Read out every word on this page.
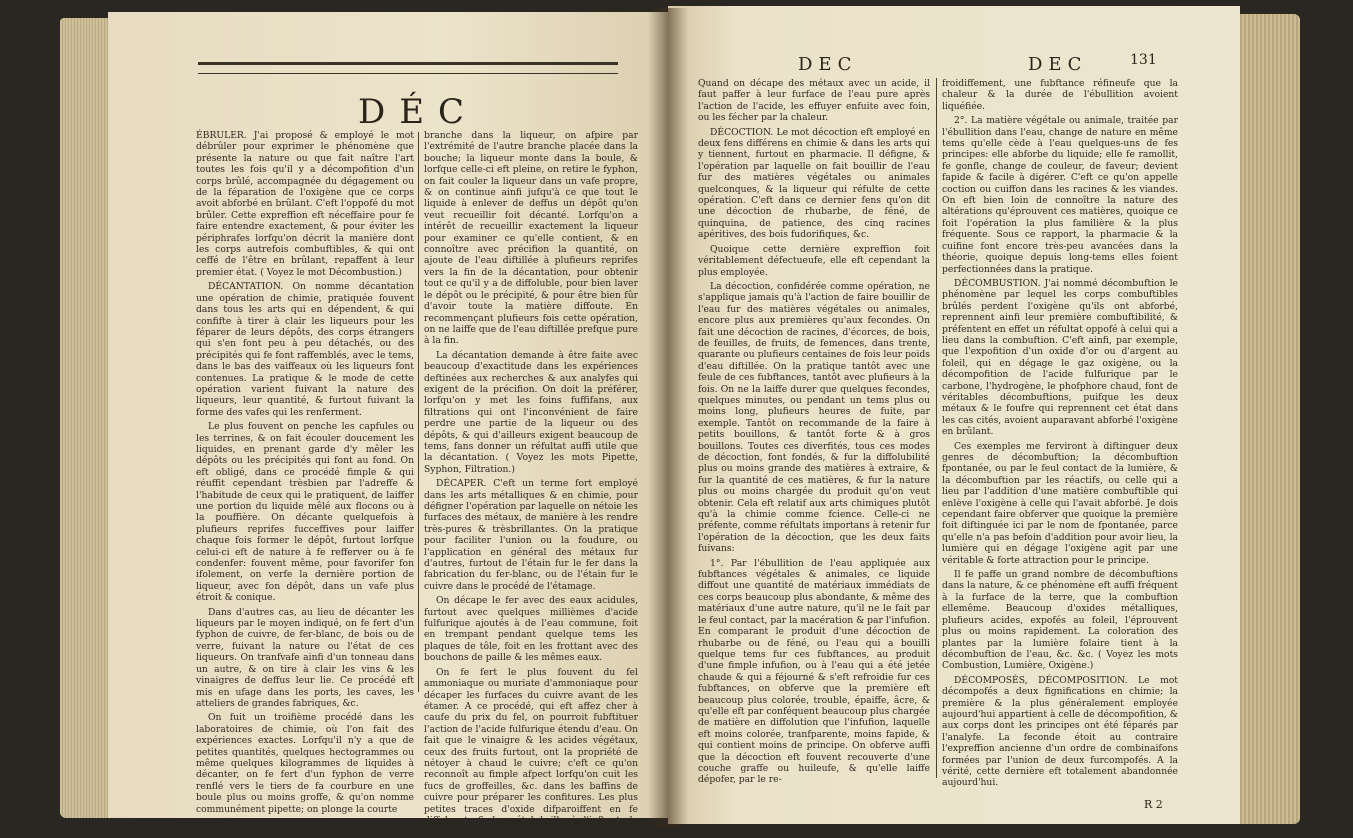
DÉC

ÉBRULER. J'ai proposé & employé le mot débrûler pour exprimer le phénomène que présente la nature ou que fait naître l'art toutes les fois qu'il y a décompofition d'un corps brûlé, accompagnée du dégagement ou de la féparation de l'oxigène que ce corps avoit abforbé en brûlant. C'eft l'oppofé du mot brûler. Cette expreffion eft néceffaire pour fe faire entendre exactement, & pour éviter les périphrafes lorfqu'on décrit la manière dont les corps autrefois combuftibles, & qui ont ceffé de l'être en brûlant, repaffent à leur premier état. ( Voyez le mot Décombustion.)

DÉCANTATION. On nomme décantation une opération de chimie, pratiquée fouvent dans tous les arts qui en dépendent, & qui confifte à tirer à clair les liqueurs pour les féparer de leurs dépôts, des corps étrangers qui s'en font peu à peu détachés, ou des précipités qui fe font raffemblés, avec le tems, dans le bas des vaiffeaux où les liqueurs font contenues. La pratique & le mode de cette opération varient fuivant la nature des liqueurs, leur quantité, & furtout fuivant la forme des vafes qui les renferment.

Le plus fouvent on penche les capfules ou les terrines, & on fait écouler doucement les liquides, en prenant garde d'y mêler les dépôts ou les précipités qui font au fond. On eft obligé, dans ce procédé fimple & qui réuffit cependant trèsbien par l'adreffe & l'habitude de ceux qui le pratiquent, de laiffer une portion du liquide mêlé aux flocons ou à la pouffière. On décante quelquefois à plufieurs reprifes fucceffives pour laiffer chaque fois former le dépôt, furtout lorfque celui-ci eft de nature à fe refferver ou à fe condenfer: fouvent même, pour favorifer fon ifolement, on verfe la dernière portion de liqueur, avec fon dépôt, dans un vafe plus étroit & conique.

Dans d'autres cas, au lieu de décanter les liqueurs par le moyen indiqué, on fe fert d'un fyphon de cuivre, de fer-blanc, de bois ou de verre, fuivant la nature ou l'état de ces liqueurs. On tranfvafe ainfi d'un tonneau dans un autre, & on tire à clair les vins & les vinaigres de deffus leur lie. Ce procédé eft mis en ufage dans les ports, les caves, les atteliers de grandes fabriques, &c.

On fuit un troifième procédé dans les laboratoires de chimie, où l'on fait des expériences exactes. Lorfqu'il n'y a que de petites quantités, quelques hectogrammes ou même quelques kilogrammes de liquides à décanter, on fe fert d'un fyphon de verre renflé vers le tiers de fa courbure en une boule plus ou moins groffe, & qu'on nomme communément pipette; on plonge la courte

branche dans la liqueur, on afpire par l'extrémité de l'autre branche placée dans la bouche; la liqueur monte dans la boule, & lorfque celle-ci eft pleine, on retire le fyphon, on fait couler la liqueur dans un vafe propre, & on continue ainfi jufqu'à ce que tout le liquide à enlever de deffus un dépôt qu'on veut recueillir foit décanté. Lorfqu'on a intérêt de recueillir exactement la liqueur pour examiner ce qu'elle contient, & en connoître avec précifion la quantité, on ajoute de l'eau diftillée à plufieurs reprifes vers la fin de la décantation, pour obtenir tout ce qu'il y a de diffoluble, pour bien laver le dépôt ou le précipité, & pour être bien fûr d'avoir toute la matière diffoute. En recommençant plufieurs fois cette opération, on ne laiffe que de l'eau diftillée prefque pure à la fin.

La décantation demande à être faite avec beaucoup d'exactitude dans les expériences deftinées aux recherches & aux analyfes qui exigent de la précifion. On doit la préférer, lorfqu'on y met les foins fuffifans, aux filtrations qui ont l'inconvénient de faire perdre une partie de la liqueur ou des dépôts, & qui d'ailleurs exigent beaucoup de tems, fans donner un réfultat auffi utile que la décantation. ( Voyez les mots Pipette, Syphon, Filtration.)

DÉCAPER. C'eft un terme fort employé dans les arts métalliques & en chimie, pour défigner l'opération par laquelle on nétoie les furfaces des métaux, de manière à les rendre très-pures & trèsbrillantes. On la pratique pour faciliter l'union ou la foudure, ou l'application en général des métaux fur d'autres, furtout de l'étain fur le fer dans la fabrication du fer-blanc, ou de l'étain fur le cuivre dans le procédé de l'étamage.

On décape le fer avec des eaux acidules, furtout avec quelques millièmes d'acide fulfurique ajoutés à de l'eau commune, foit en trempant pendant quelque tems les plaques de tôle, foit en les frottant avec des bouchons de paille & les mêmes eaux.

On fe fert le plus fouvent du fel ammoniaque ou muriate d'ammoniaque pour décaper les furfaces du cuivre avant de les étamer. A ce procédé, qui eft affez cher à caufe du prix du fel, on pourroit fubftituer l'action de l'acide fulfurique étendu d'eau. On fait que le vinaigre & les acides végétaux, ceux des fruits furtout, ont la propriété de nétoyer à chaud le cuivre; c'eft ce qu'on reconnoît au fimple afpect lorfqu'on cuit les fucs de groffeilles, &c. dans les baffins de cuivre pour préparer les confitures. Les plus petites traces d'oxide difparoiffent en fe diffolvant, & le métal brille à l'inftant de l'éclat le plus vif.

DEC	DEC	131

Quand on décape des métaux avec un acide, il faut paffer à leur furface de l'eau pure après l'action de l'acide, les effuyer enfuite avec foin, ou les fécher par la chaleur.

DÉCOCTION. Le mot décoction eft employé en deux fens différens en chimie & dans les arts qui y tiennent, furtout en pharmacie. Il défigne, & l'opération par laquelle on fait bouillir de l'eau fur des matières végétales ou animales quelconques, & la liqueur qui réfulte de cette opération. C'eft dans ce dernier fens qu'on dit une décoction de rhubarbe, de féné, de quinquina, de patience, des cinq racines apéritives, des bois fudorifiques, &c.

Quoique cette dernière expreffion foit véritablement défectueufe, elle eft cependant la plus employée.

La décoction, confidérée comme opération, ne s'applique jamais qu'à l'action de faire bouillir de l'eau fur des matières végétales ou animales, encore plus aux premières qu'aux fecondes. On fait une décoction de racines, d'écorces, de bois, de feuilles, de fruits, de femences, dans trente, quarante ou plufieurs centaines de fois leur poids d'eau diftillée. On la pratique tantôt avec une feule de ces fubftances, tantôt avec plufieurs à la fois. On ne la laiffe durer que quelques fecondes, quelques minutes, ou pendant un tems plus ou moins long, plufieurs heures de fuite, par exemple. Tantôt on recommande de la faire à petits bouillons, & tantôt forte & à gros bouillons. Toutes ces diverfités, tous ces modes de décoction, font fondés, & fur la diffolubilité plus ou moins grande des matières à extraire, & fur la quantité de ces matières, & fur la nature plus ou moins chargée du produit qu'on veut obtenir. Cela eft relatif aux arts chimiques plutôt qu'à la chimie comme fcience. Celle-ci ne préfente, comme réfultats importans à retenir fur l'opération de la décoction, que les deux faits fuivans:

1°. Par l'ébullition de l'eau appliquée aux fubftances végétales & animales, ce liquide diffout une quantité de matériaux immédiats de ces corps beaucoup plus abondante, & même des matériaux d'une autre nature, qu'il ne le fait par le feul contact, par la macération & par l'infufion. En comparant le produit d'une décoction de rhubarbe ou de féné, ou l'eau qui a bouilli quelque tems fur ces fubftances, au produit d'une fimple infufion, ou à l'eau qui a été jetée chaude & qui a féjourné & s'eft refroidie fur ces fubftances, on obferve que la première eft beaucoup plus colorée, trouble, épaiffe, âcre, & qu'elle eft par conféquent beaucoup plus chargée de matière en diffolution que l'infufion, laquelle eft moins colorée, tranfparente, moins fapide, & qui contient moins de principe. On obferve auffi que la décoction eft fouvent recouverte d'une couche graffe ou huileufe, & qu'elle laiffe dépofer, par le re-

froidiffement, une fubftance réfineufe que la chaleur & la durée de l'ébullition avoient liquéfiée.

2°. La matière végétale ou animale, traitée par l'ébullition dans l'eau, change de nature en même tems qu'elle cède à l'eau quelques-uns de fes principes: elle abforbe du liquide; elle fe ramollit, fe gonfle, change de couleur, de faveur; devient fapide & facile à digérer. C'eft ce qu'on appelle coction ou cuiffon dans les racines & les viandes. On eft bien loin de connoître la nature des altérations qu'éprouvent ces matières, quoique ce foit l'opération la plus familière & la plus fréquente. Sous ce rapport, la pharmacie & la cuifine font encore très-peu avancées dans la théorie, quoique depuis long-tems elles foient perfectionnées dans la pratique.

DÉCOMBUSTION. J'ai nommé décombuftion le phénomène par lequel les corps combuftibles brûlés perdent l'oxigène qu'ils ont abforbé, reprennent ainfi leur première combuftibilité, & préfentent en effet un réfultat oppofé à celui qui a lieu dans la combuftion. C'eft ainfi, par exemple, que l'expofition d'un oxide d'or ou d'argent au foleil, qui en dégage le gaz oxigène, ou la décompofition de l'acide fulfurique par le carbone, l'hydrogène, le phofphore chaud, font de véritables décombuftions, puifque les deux métaux & le foufre qui reprennent cet état dans les cas cités, avoient auparavant abforbé l'oxigène en brûlant.

Ces exemples me ferviront à diftinguer deux genres de décombuftion; la décombuftion fpontanée, ou par le feul contact de la lumière, & la décombuftion par les réactifs, ou celle qui a lieu par l'addition d'une matière combuftible qui enlève l'oxigène à celle qui l'avait abforbé. Je dois cependant faire obferver que quoique la première foit diftinguée ici par le nom de fpontanée, parce qu'elle n'a pas befoin d'addition pour avoir lieu, la lumière qui en dégage l'oxigène agit par une véritable & forte attraction pour le principe.

Il fe paffe un grand nombre de décombuftions dans la nature, & ce phénomène eft auffi fréquent à la furface de la terre, que la combuftion ellemême. Beaucoup d'oxides métalliques, plufieurs acides, expofés au foleil, l'éprouvent plus ou moins rapidement. La coloration des plantes par la lumière folaire tient à la décombuftion de l'eau, &c. &c. ( Voyez les mots Combustion, Lumière, Oxigène.)

DÉCOMPOSÉS, DÉCOMPOSITION. Le mot décompofés a deux fignifications en chimie; la première & la plus généralement employée aujourd'hui appartient à celle de décompofition, & aux corps dont les principes ont été féparés par l'analyfe. La feconde étoit au contraire l'expreffion ancienne d'un ordre de combinaifons formées par l'union de deux furcompofés. A la vérité, cette dernière eft totalement abandonnée aujourd'hui.

R 2
